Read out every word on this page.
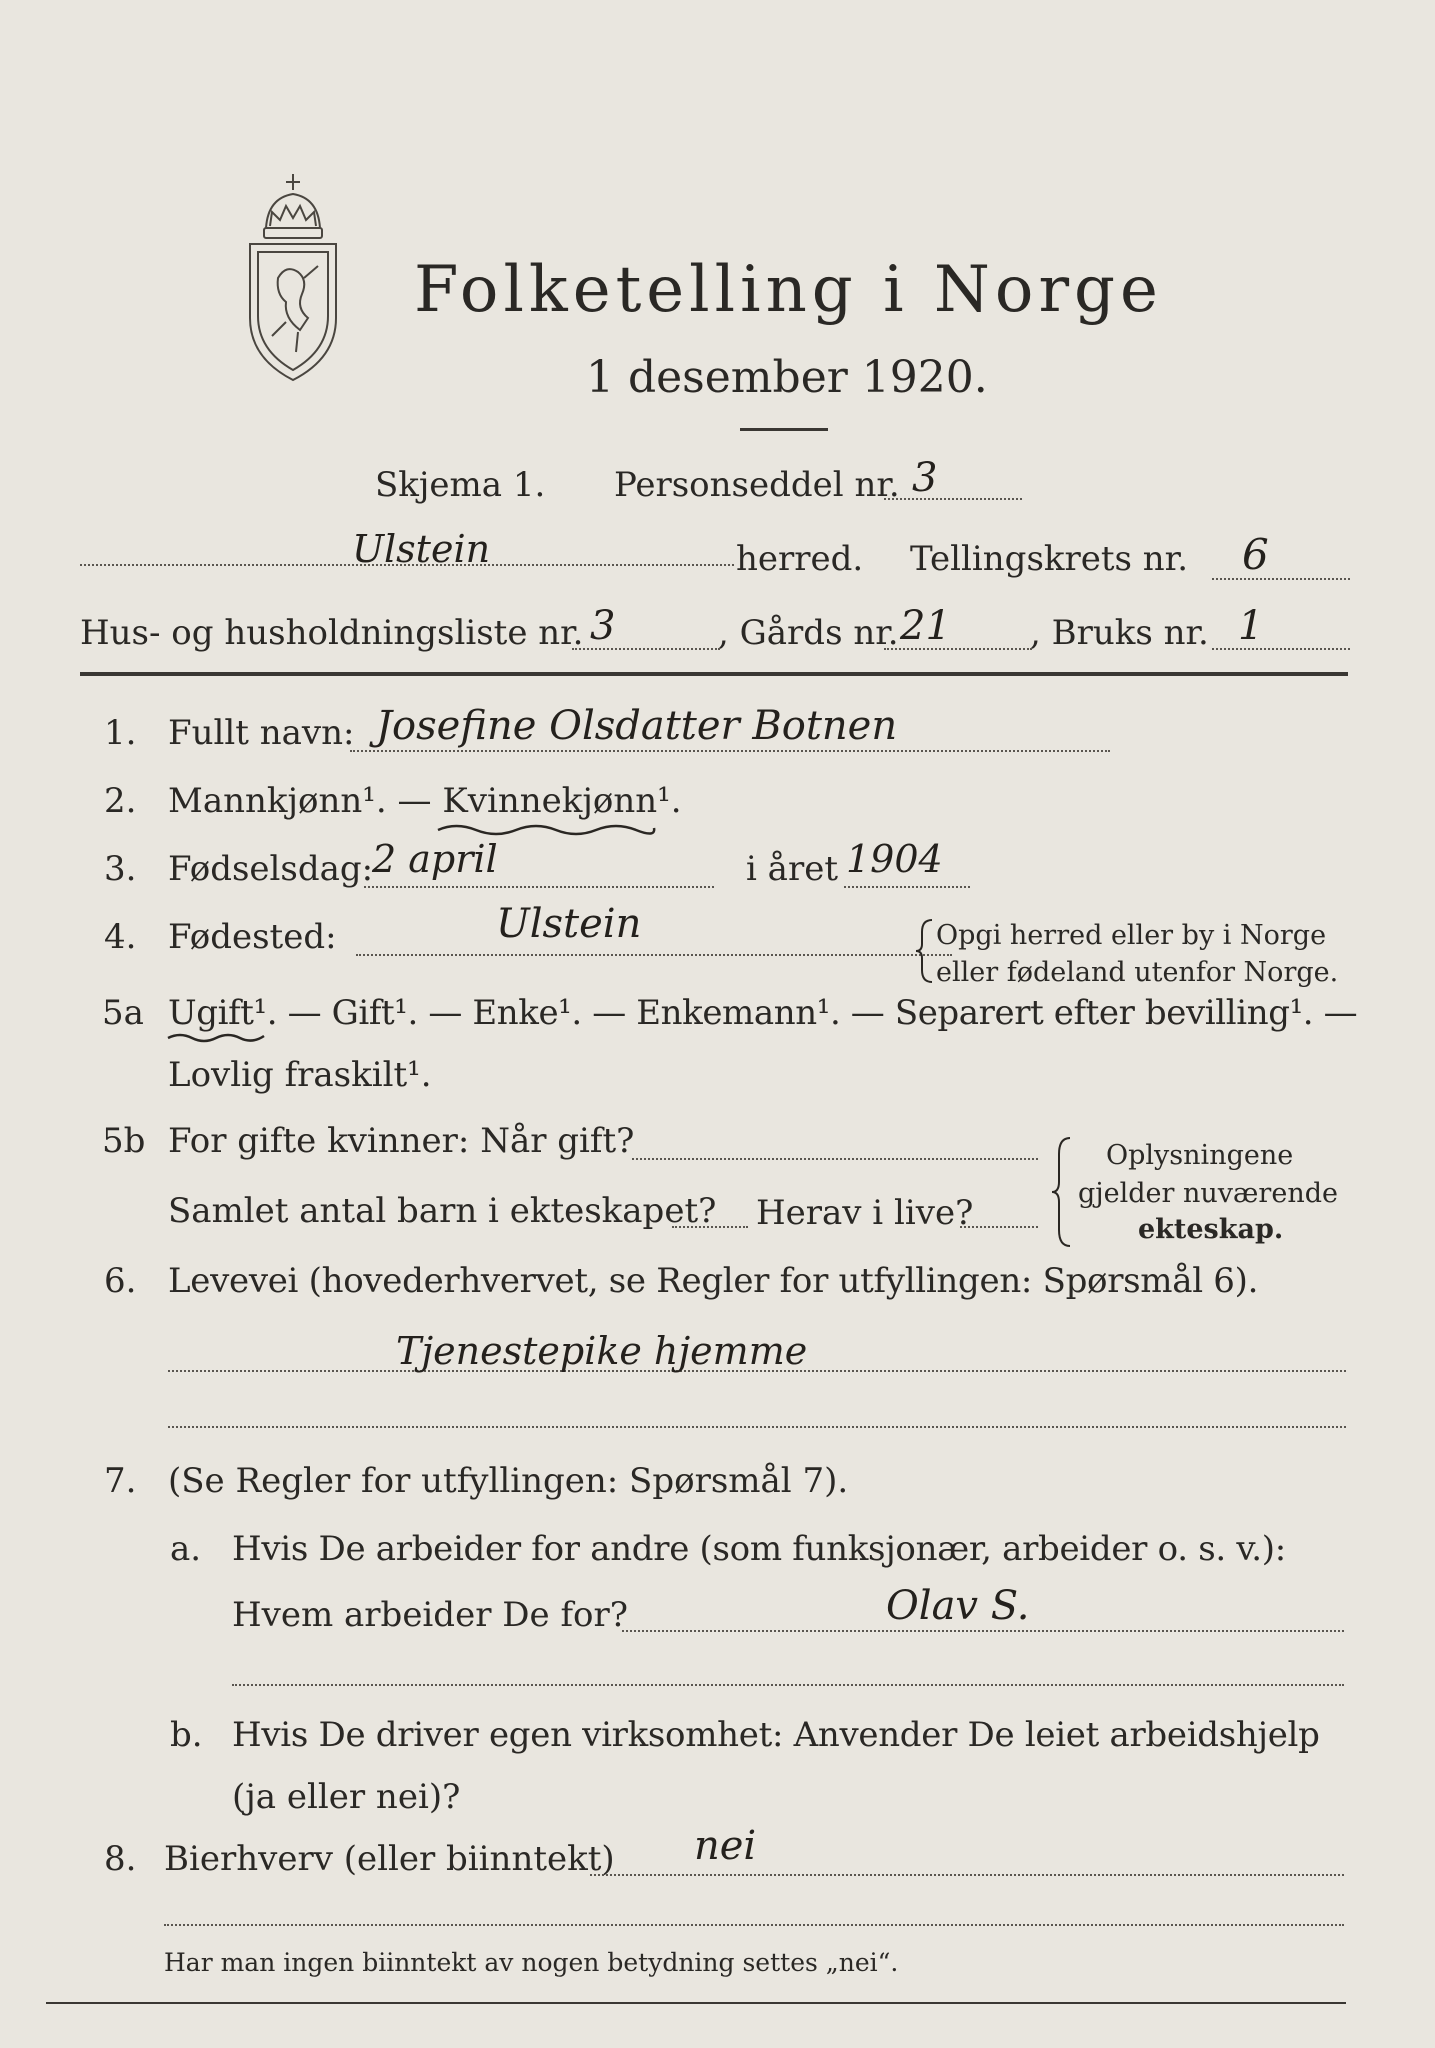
Folketelling i Norge
1 desember 1920.
Skjema 1. Personseddel nr. 3
Ulstein	herred. Tellingskrets nr. 6
Hus- og husholdningsliste nr. 3	, Gårds nr. 21 , Bruks nr. 1
1. Fullt navn: Josefine Olsdatter Botnen
2. Mannkjønn¹. — Kvinnekjønn¹.
3. Fødselsdag:
2 april	i året 1904
4. Fødested:	Ulstein	Opgi herred eller by i Norge
eller fødeland utenfor Norge.
5a Ugift¹. — Gift¹. — Enke¹. — Enkemann¹. — Separert efter bevilling¹. —
Lovlig fraskilt¹.
5b For gifte kvinner: Når gift?
Samlet antal barn i ekteskapet? Herav i live?
Oplysningene
gjelder nuværende
ekteskap.
6. Levevei (hovederhvervet, se Regler for utfyllingen: Spørsmål 6).
Tjenestepike hjemme
7. (Se Regler for utfyllingen: Spørsmål 7).
a. Hvis De arbeider for andre (som funksjonær, arbeider o. s. v.):
Hvem arbeider De for?	Olav S.
b. Hvis De driver egen virksomhet: Anvender De leiet arbeidshjelp
(ja eller nei)?
8. Bierhverv (eller biinntekt) nei
Har man ingen biinntekt av nogen betydning settes „nei“.
